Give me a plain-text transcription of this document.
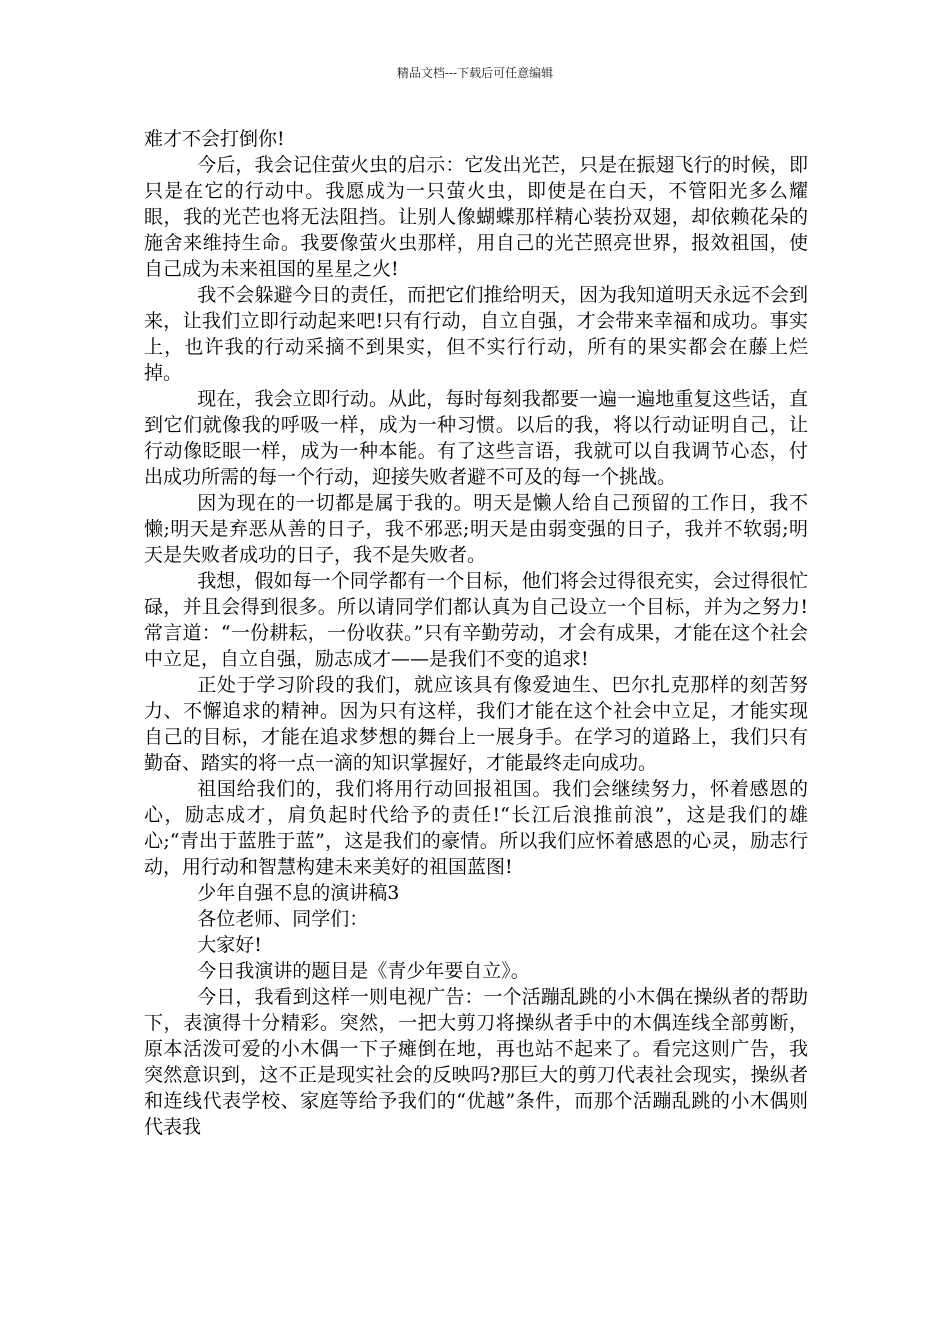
精品文档---下载后可任意编辑

难才不会打倒你!

今后，我会记住萤火虫的启示：它发出光芒，只是在振翅飞行的时候，即只是在它的行动中。我愿成为一只萤火虫，即使是在白天，不管阳光多么耀眼，我的光芒也将无法阻挡。让别人像蝴蝶那样精心装扮双翅，却依赖花朵的施舍来维持生命。我要像萤火虫那样，用自己的光芒照亮世界，报效祖国，使自己成为未来祖国的星星之火!

我不会躲避今日的责任，而把它们推给明天，因为我知道明天永远不会到来，让我们立即行动起来吧!只有行动，自立自强，才会带来幸福和成功。事实上，也许我的行动采摘不到果实，但不实行行动，所有的果实都会在藤上烂掉。

现在，我会立即行动。从此，每时每刻我都要一遍一遍地重复这些话，直到它们就像我的呼吸一样，成为一种习惯。以后的我，将以行动证明自己，让行动像眨眼一样，成为一种本能。有了这些言语，我就可以自我调节心态，付出成功所需的每一个行动，迎接失败者避不可及的每一个挑战。

因为现在的一切都是属于我的。明天是懒人给自己预留的工作日，我不懒;明天是弃恶从善的日子，我不邪恶;明天是由弱变强的日子，我并不软弱;明天是失败者成功的日子，我不是失败者。

我想，假如每一个同学都有一个目标，他们将会过得很充实，会过得很忙碌，并且会得到很多。所以请同学们都认真为自己设立一个目标，并为之努力!常言道：“一份耕耘，一份收获。”只有辛勤劳动，才会有成果，才能在这个社会中立足，自立自强，励志成才——是我们不变的追求!

正处于学习阶段的我们，就应该具有像爱迪生、巴尔扎克那样的刻苦努力、不懈追求的精神。因为只有这样，我们才能在这个社会中立足，才能实现自己的目标，才能在追求梦想的舞台上一展身手。在学习的道路上，我们只有勤奋、踏实的将一点一滴的知识掌握好，才能最终走向成功。

祖国给我们的，我们将用行动回报祖国。我们会继续努力，怀着感恩的心，励志成才，肩负起时代给予的责任!“长江后浪推前浪”，这是我们的雄心;“青出于蓝胜于蓝”，这是我们的豪情。所以我们应怀着感恩的心灵，励志行动，用行动和智慧构建未来美好的祖国蓝图!

少年自强不息的演讲稿3

各位老师、同学们：

大家好!

今日我演讲的题目是《青少年要自立》。

今日，我看到这样一则电视广告：一个活蹦乱跳的小木偶在操纵者的帮助下，表演得十分精彩。突然，一把大剪刀将操纵者手中的木偶连线全部剪断，原本活泼可爱的小木偶一下子瘫倒在地，再也站不起来了。看完这则广告，我突然意识到，这不正是现实社会的反映吗?那巨大的剪刀代表社会现实，操纵者和连线代表学校、家庭等给予我们的“优越”条件，而那个活蹦乱跳的小木偶则代表我
